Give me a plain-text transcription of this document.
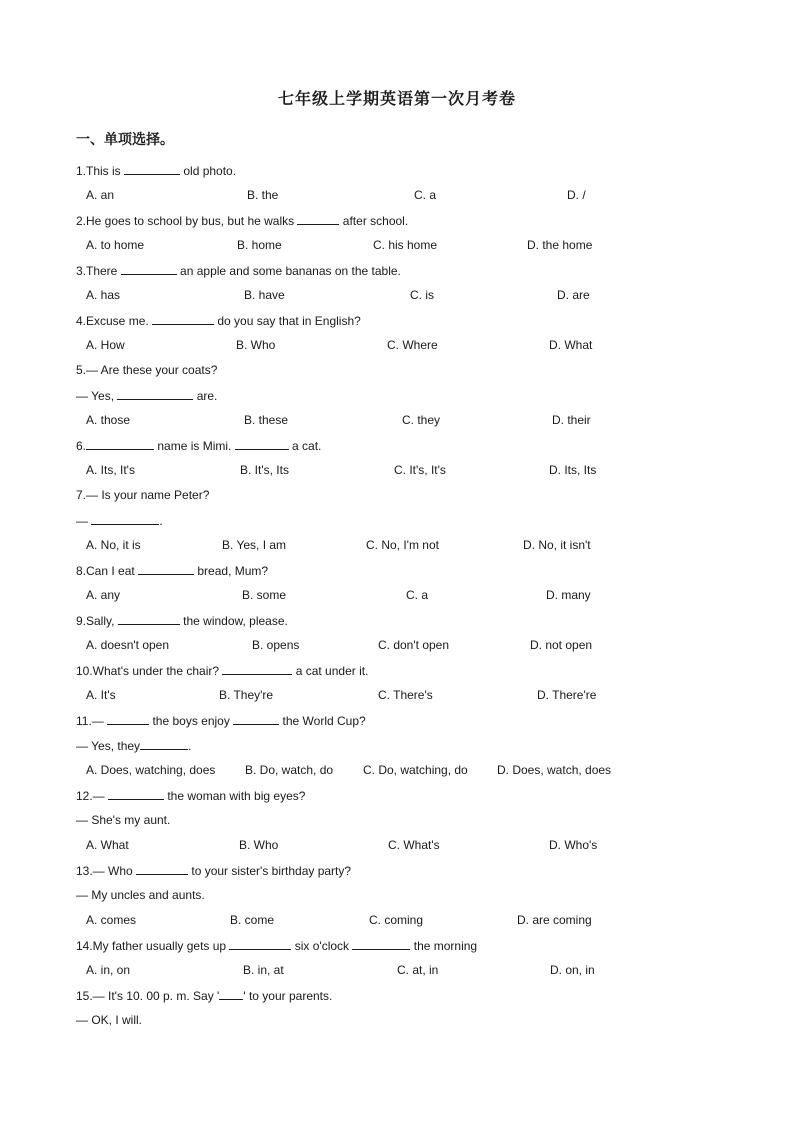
七年级上学期英语第一次月考卷
一、单项选择。
1.This is	old photo.
A. an	B. the	C. a	D. /
2.He goes to school by bus, but he walks	after school.
A. to home	B. home	C. his home	D. the home
3.There	an apple and some bananas on the table.
A. has	B. have	C. is	D. are
4.Excuse me.	do you say that in English?
A. How	B. Who	C. Where	D. What
5.— Are these your coats?
— Yes,	are.
A. those	B. these	C. they	D. their
6.	name is Mimi.	a cat.
A. Its, It's	B. It's, Its	C. It's, It's	D. Its, Its
7.— Is your name Peter?
—	.
A. No, it is	B. Yes, I am	C. No, I'm not	D. No, it isn't
8.Can I eat	bread, Mum?
A. any	B. some	C. a	D. many
9.Sally,	the window, please.
A. doesn't open	B. opens	C. don't open	D. not open
10.What's under the chair?	a cat under it.
A. It's	B. They're	C. There's	D. There're
11.—	the boys enjoy	the World Cup?
— Yes, they	.
A. Does, watching, does B. Do, watch, do C. Do, watching, do D. Does, watch, does
12.—	the woman with big eyes?
— She's my aunt.
A. What	B. Who	C. What's	D. Who's
13.— Who	to your sister's birthday party?
— My uncles and aunts.
A. comes	B. come	C. coming	D. are coming
14.My father usually gets up	six o'clock	the morning
A. in, on	B. in, at	C. at, in	D. on, in
15.— It's 10. 00 p. m. Say ' ' to your parents.
— OK, I will.
